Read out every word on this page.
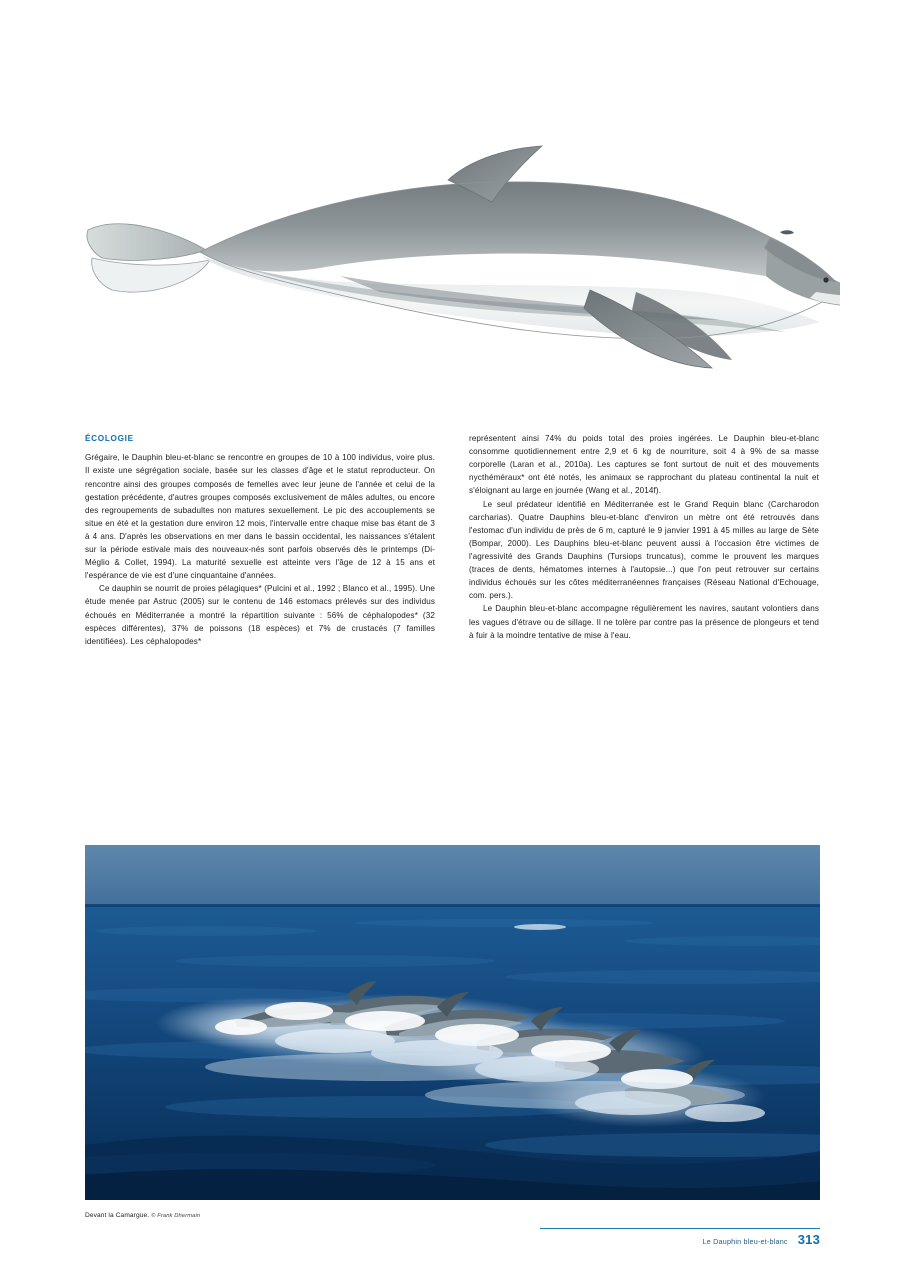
ÉCOLOGIE

Grégaire, le Dauphin bleu-et-blanc se rencontre en groupes de 10 à 100 individus, voire plus. Il existe une ségrégation sociale, basée sur les classes d'âge et le statut reproducteur. On rencontre ainsi des groupes composés de femelles avec leur jeune de l'année et celui de la gestation précédente, d'autres groupes composés exclusivement de mâles adultes, ou encore des regroupements de subadultes non matures sexuellement. Le pic des accouplements se situe en été et la gestation dure environ 12 mois, l'intervalle entre chaque mise bas étant de 3 à 4 ans. D'après les observations en mer dans le bassin occidental, les naissances s'étalent sur la période estivale mais des nouveaux-nés sont parfois observés dès le printemps (Di-Méglio & Collet, 1994). La maturité sexuelle est atteinte vers l'âge de 12 à 15 ans et l'espérance de vie est d'une cinquantaine d'années.

Ce dauphin se nourrit de proies pélagiques* (Pulcini et al., 1992 ; Blanco et al., 1995). Une étude menée par Astruc (2005) sur le contenu de 146 estomacs prélevés sur des individus échoués en Méditerranée a montré la répartition suivante : 56% de céphalopodes* (32 espèces différentes), 37% de poissons (18 espèces) et 7% de crustacés (7 familles identifiées). Les céphalopodes*

représentent ainsi 74% du poids total des proies ingérées. Le Dauphin bleu-et-blanc consomme quotidiennement entre 2,9 et 6 kg de nourriture, soit 4 à 9% de sa masse corporelle (Laran et al., 2010a). Les captures se font surtout de nuit et des mouvements nycthéméraux* ont été notés, les animaux se rapprochant du plateau continental la nuit et s'éloignant au large en journée (Wang et al., 2014f).

Le seul prédateur identifié en Méditerranée est le Grand Requin blanc (Carcharodon carcharias). Quatre Dauphins bleu-et-blanc d'environ un mètre ont été retrouvés dans l'estomac d'un individu de près de 6 m, capturé le 9 janvier 1991 à 45 milles au large de Sète (Bompar, 2000). Les Dauphins bleu-et-blanc peuvent aussi à l'occasion être victimes de l'agressivité des Grands Dauphins (Tursiops truncatus), comme le prouvent les marques (traces de dents, hématomes internes à l'autopsie...) que l'on peut retrouver sur certains individus échoués sur les côtes méditerranéennes françaises (Réseau National d'Echouage, com. pers.).

Le Dauphin bleu-et-blanc accompagne régulièrement les navires, sautant volontiers dans les vagues d'étrave ou de sillage. Il ne tolère par contre pas la présence de plongeurs et tend à fuir à la moindre tentative de mise à l'eau.

Devant la Camargue. © Frank Dhermain
Le Dauphin bleu-et-blanc 313
